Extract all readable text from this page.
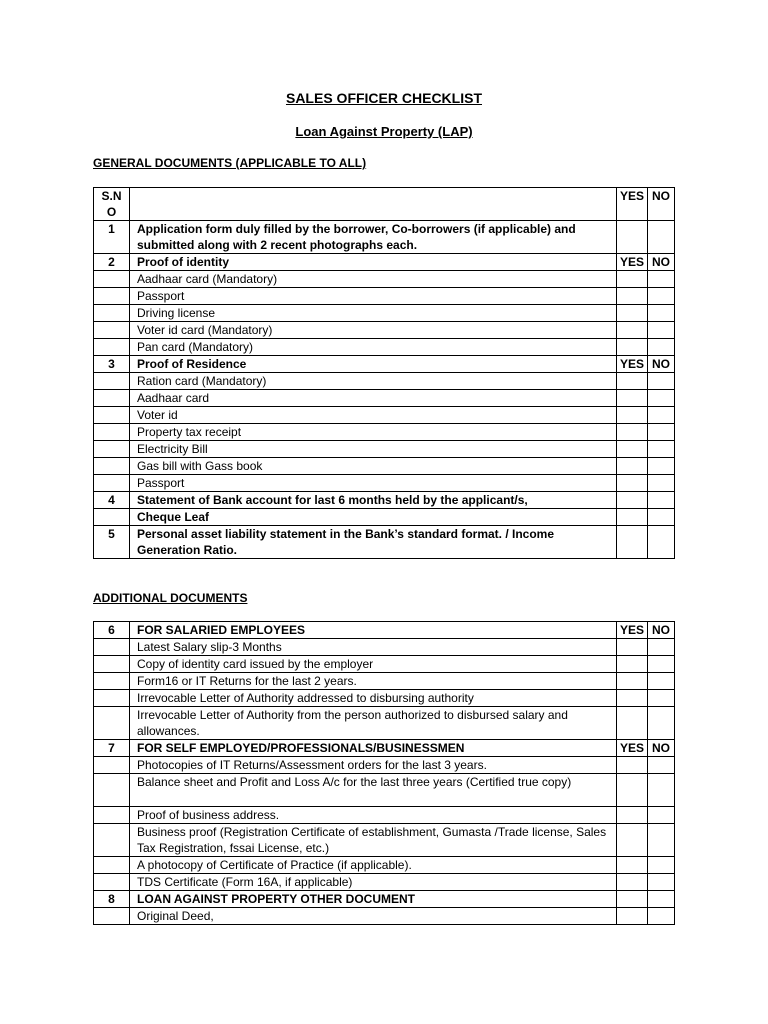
SALES OFFICER CHECKLIST
Loan Against Property (LAP)

GENERAL DOCUMENTS (APPLICABLE TO ALL)

S.N O		YES	NO
1	Application form duly filled by the borrower, Co-borrowers (if applicable) and submitted along with 2 recent photographs each.		
2	Proof of identity	YES	NO
	Aadhaar card (Mandatory)		
	Passport		
	Driving license		
	Voter id card (Mandatory)		
	Pan card (Mandatory)		
3	Proof of Residence	YES	NO
	Ration card (Mandatory)		
	Aadhaar card		
	Voter id		
	Property tax receipt		
	Electricity Bill		
	Gas bill with Gass book		
	Passport		
4	Statement of Bank account for last 6 months held by the applicant/s,		
	Cheque Leaf		
5	Personal asset liability statement in the Bank’s standard format. / Income Generation Ratio.		

ADDITIONAL DOCUMENTS

6	FOR SALARIED EMPLOYEES	YES	NO
	Latest Salary slip-3 Months		
	Copy of identity card issued by the employer		
	Form16 or IT Returns for the last 2 years.		
	Irrevocable Letter of Authority addressed to disbursing authority		
	Irrevocable Letter of Authority from the person authorized to disbursed salary and allowances.		
7	FOR SELF EMPLOYED/PROFESSIONALS/BUSINESSMEN	YES	NO
	Photocopies of IT Returns/Assessment orders for the last 3 years.		
	Balance sheet and Profit and Loss A/c for the last three years (Certified true copy)		
	Proof of business address.		
	Business proof (Registration Certificate of establishment, Gumasta /Trade license, Sales Tax Registration, fssai License, etc.)		
	A photocopy of Certificate of Practice (if applicable).		
	TDS Certificate (Form 16A, if applicable)		
8	LOAN AGAINST PROPERTY OTHER DOCUMENT		
	Original Deed,		
